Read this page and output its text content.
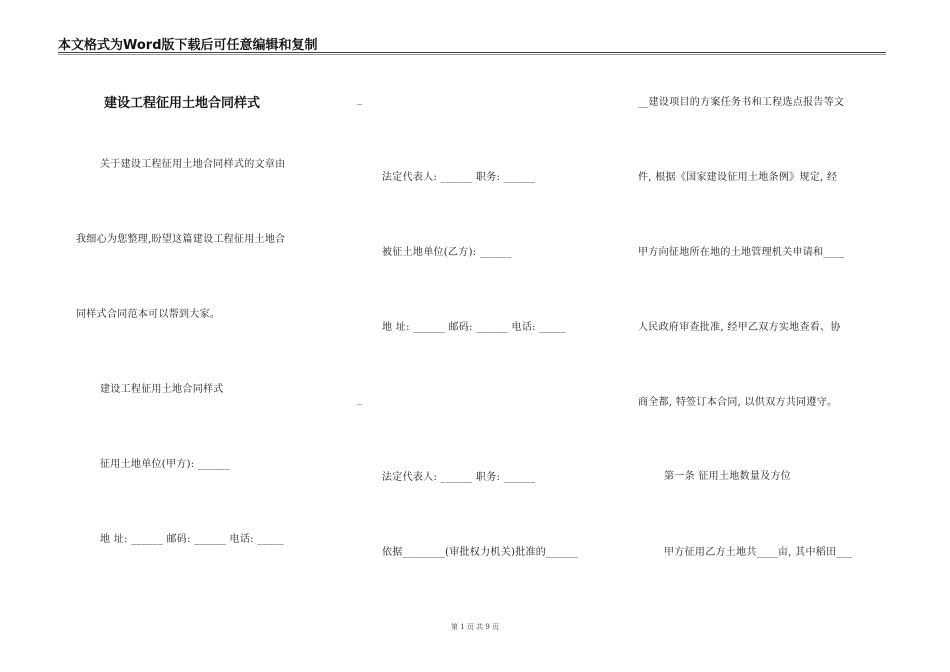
本文格式为Word版下载后可任意编辑和复制
建设工程征用土地合同样式
关于建设工程征用土地合同样式的文章由
我细心为您整理,盼望这篇建设工程征用土地合
同样式合同范本可以帮到大家。
建设工程征用土地合同样式
征用土地单位(甲方): ______
地 址: ______ 邮码: ______ 电话: _____
_
法定代表人: ______ 职务: ______
被征土地单位(乙方): ______
地 址: ______ 邮码: ______ 电话: _____
_
法定代表人: ______ 职务: ______
依据________(审批权力机关)批准的______
__建设项目的方案任务书和工程选点报告等文
件, 根据《国家建设征用土地条例》规定, 经
甲方向征地所在地的土地管理机关申请和____
人民政府审查批准, 经甲乙双方实地查看、协
商全都, 特签订本合同, 以供双方共同遵守。
第一条 征用土地数量及方位
甲方征用乙方土地共____亩, 其中稻田___
第 1 页 共 9 页
